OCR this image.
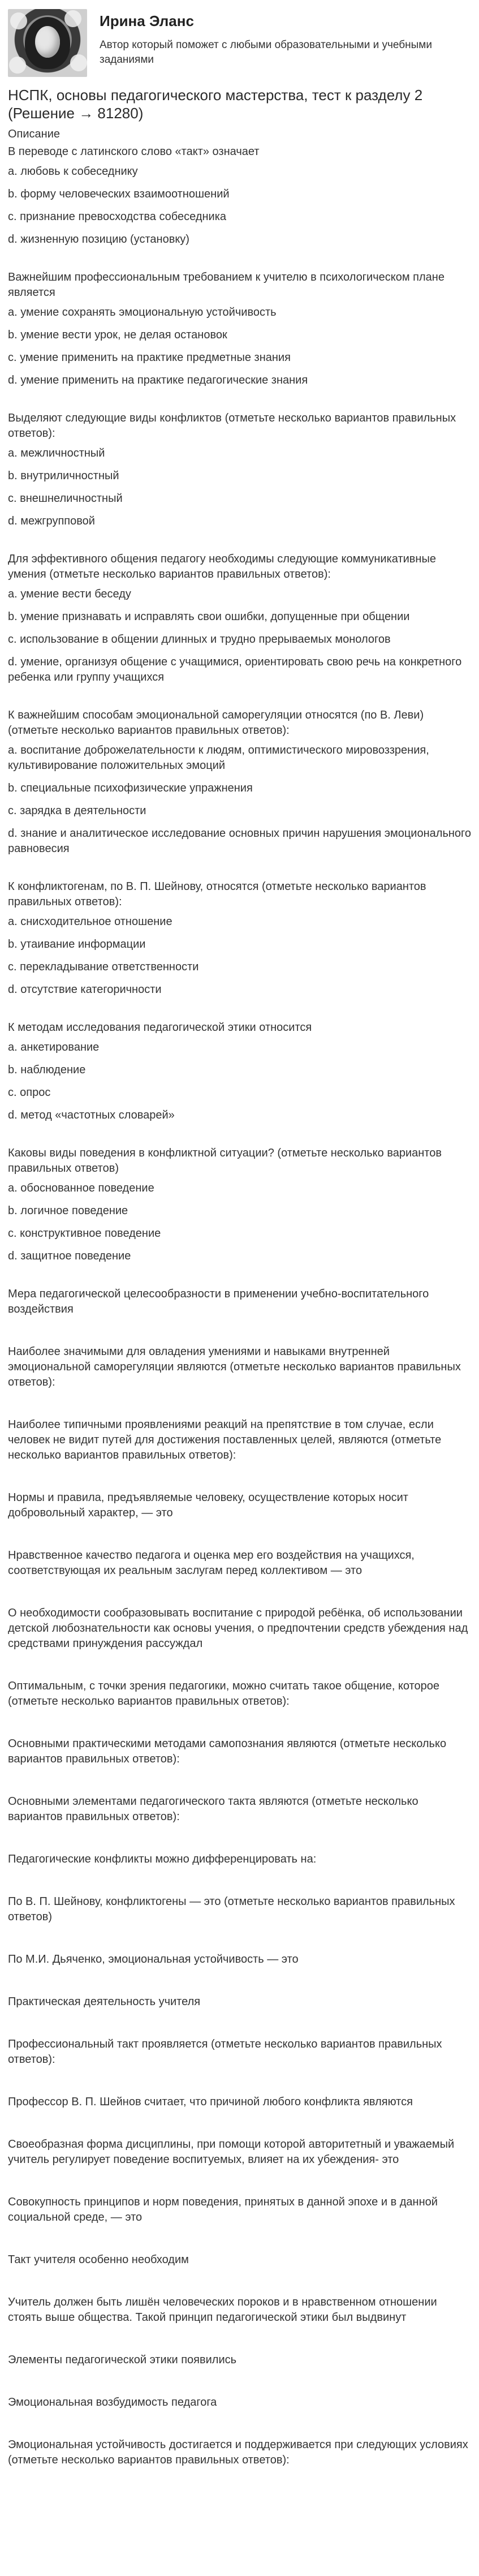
Ирина Эланс
Автор который поможет с любыми образовательными и учебными заданиями
НСПК, основы педагогического мастерства, тест к разделу 2 (Решение → 81280)
Описание

В переводе с латинского слово «такт» означает

a. любовь к собеседнику

b. форму человеческих взаимоотношений

c. признание превосходства собеседника

d. жизненную позицию (установку)

Важнейшим профессиональным требованием к учителю в психологическом плане является

a. умение сохранять эмоциональную устойчивость

b. умение вести урок, не делая остановок

c. умение применить на практике предметные знания

d. умение применить на практике педагогические знания

Выделяют следующие виды конфликтов (отметьте несколько вариантов правильных ответов):

a. межличностный

b. внутриличностный

c. внешнеличностный

d. межгрупповой

Для эффективного общения педагогу необходимы следующие коммуникативные умения (отметьте несколько вариантов правильных ответов):

a. умение вести беседу

b. умение признавать и исправлять свои ошибки, допущенные при общении

c. использование в общении длинных и трудно прерываемых монологов

d. умение, организуя общение с учащимися, ориентировать свою речь на конкретного ребенка или группу учащихся

К важнейшим способам эмоциональной саморегуляции относятся (по В. Леви) (отметьте несколько вариантов правильных ответов):

a. воспитание доброжелательности к людям, оптимистического мировоззрения, культивирование положительных эмоций

b. специальные психофизические упражнения

c. зарядка в деятельности

d. знание и аналитическое исследование основных причин нарушения эмоционального равновесия

К конфликтогенам, по В. П. Шейнову, относятся (отметьте несколько вариантов правильных ответов):

a. снисходительное отношение

b. утаивание информации

c. перекладывание ответственности

d. отсутствие категоричности

К методам исследования педагогической этики относится

a. анкетирование

b. наблюдение

c. опрос

d. метод «частотных словарей»

Каковы виды поведения в конфликтной ситуации? (отметьте несколько вариантов правильных ответов)

a. обоснованное поведение

b. логичное поведение

c. конструктивное поведение

d. защитное поведение

Мера педагогической целесообразности в применении учебно-воспитательного воздействия

Наиболее значимыми для овладения умениями и навыками внутренней эмоциональной саморегуляции являются (отметьте несколько вариантов правильных ответов):

Наиболее типичными проявлениями реакций на препятствие в том случае, если человек не видит путей для достижения поставленных целей, являются (отметьте несколько вариантов правильных ответов):

Нормы и правила, предъявляемые человеку, осуществление которых носит добровольный характер, — это

Нравственное качество педагога и оценка мер его воздействия на учащихся, соответствующая их реальным заслугам перед коллективом — это

О необходимости сообразовывать воспитание с природой ребёнка, об использовании детской любознательности как основы учения, о предпочтении средств убеждения над средствами принуждения рассуждал

Оптимальным, с точки зрения педагогики, можно считать такое общение, которое (отметьте несколько вариантов правильных ответов):

Основными практическими методами самопознания являются (отметьте несколько вариантов правильных ответов):

Основными элементами педагогического такта являются (отметьте несколько вариантов правильных ответов):

Педагогические конфликты можно дифференцировать на:

По В. П. Шейнову, конфликтогены — это (отметьте несколько вариантов правильных ответов)

По М.И. Дьяченко, эмоциональная устойчивость — это

Практическая деятельность учителя

Профессиональный такт проявляется (отметьте несколько вариантов правильных ответов):

Профессор В. П. Шейнов считает, что причиной любого конфликта являются

Своеобразная форма дисциплины, при помощи которой авторитетный и уважаемый учитель регулирует поведение воспитуемых, влияет на их убеждения- это

Совокупность принципов и норм поведения, принятых в данной эпохе и в данной социальной среде, — это

Такт учителя особенно необходим

Учитель должен быть лишён человеческих пороков и в нравственном отношении стоять выше общества. Такой принцип педагогической этики был выдвинут

Элементы педагогической этики появились

Эмоциональная возбудимость педагога

Эмоциональная устойчивость достигается и поддерживается при следующих условиях (отметьте несколько вариантов правильных ответов):
